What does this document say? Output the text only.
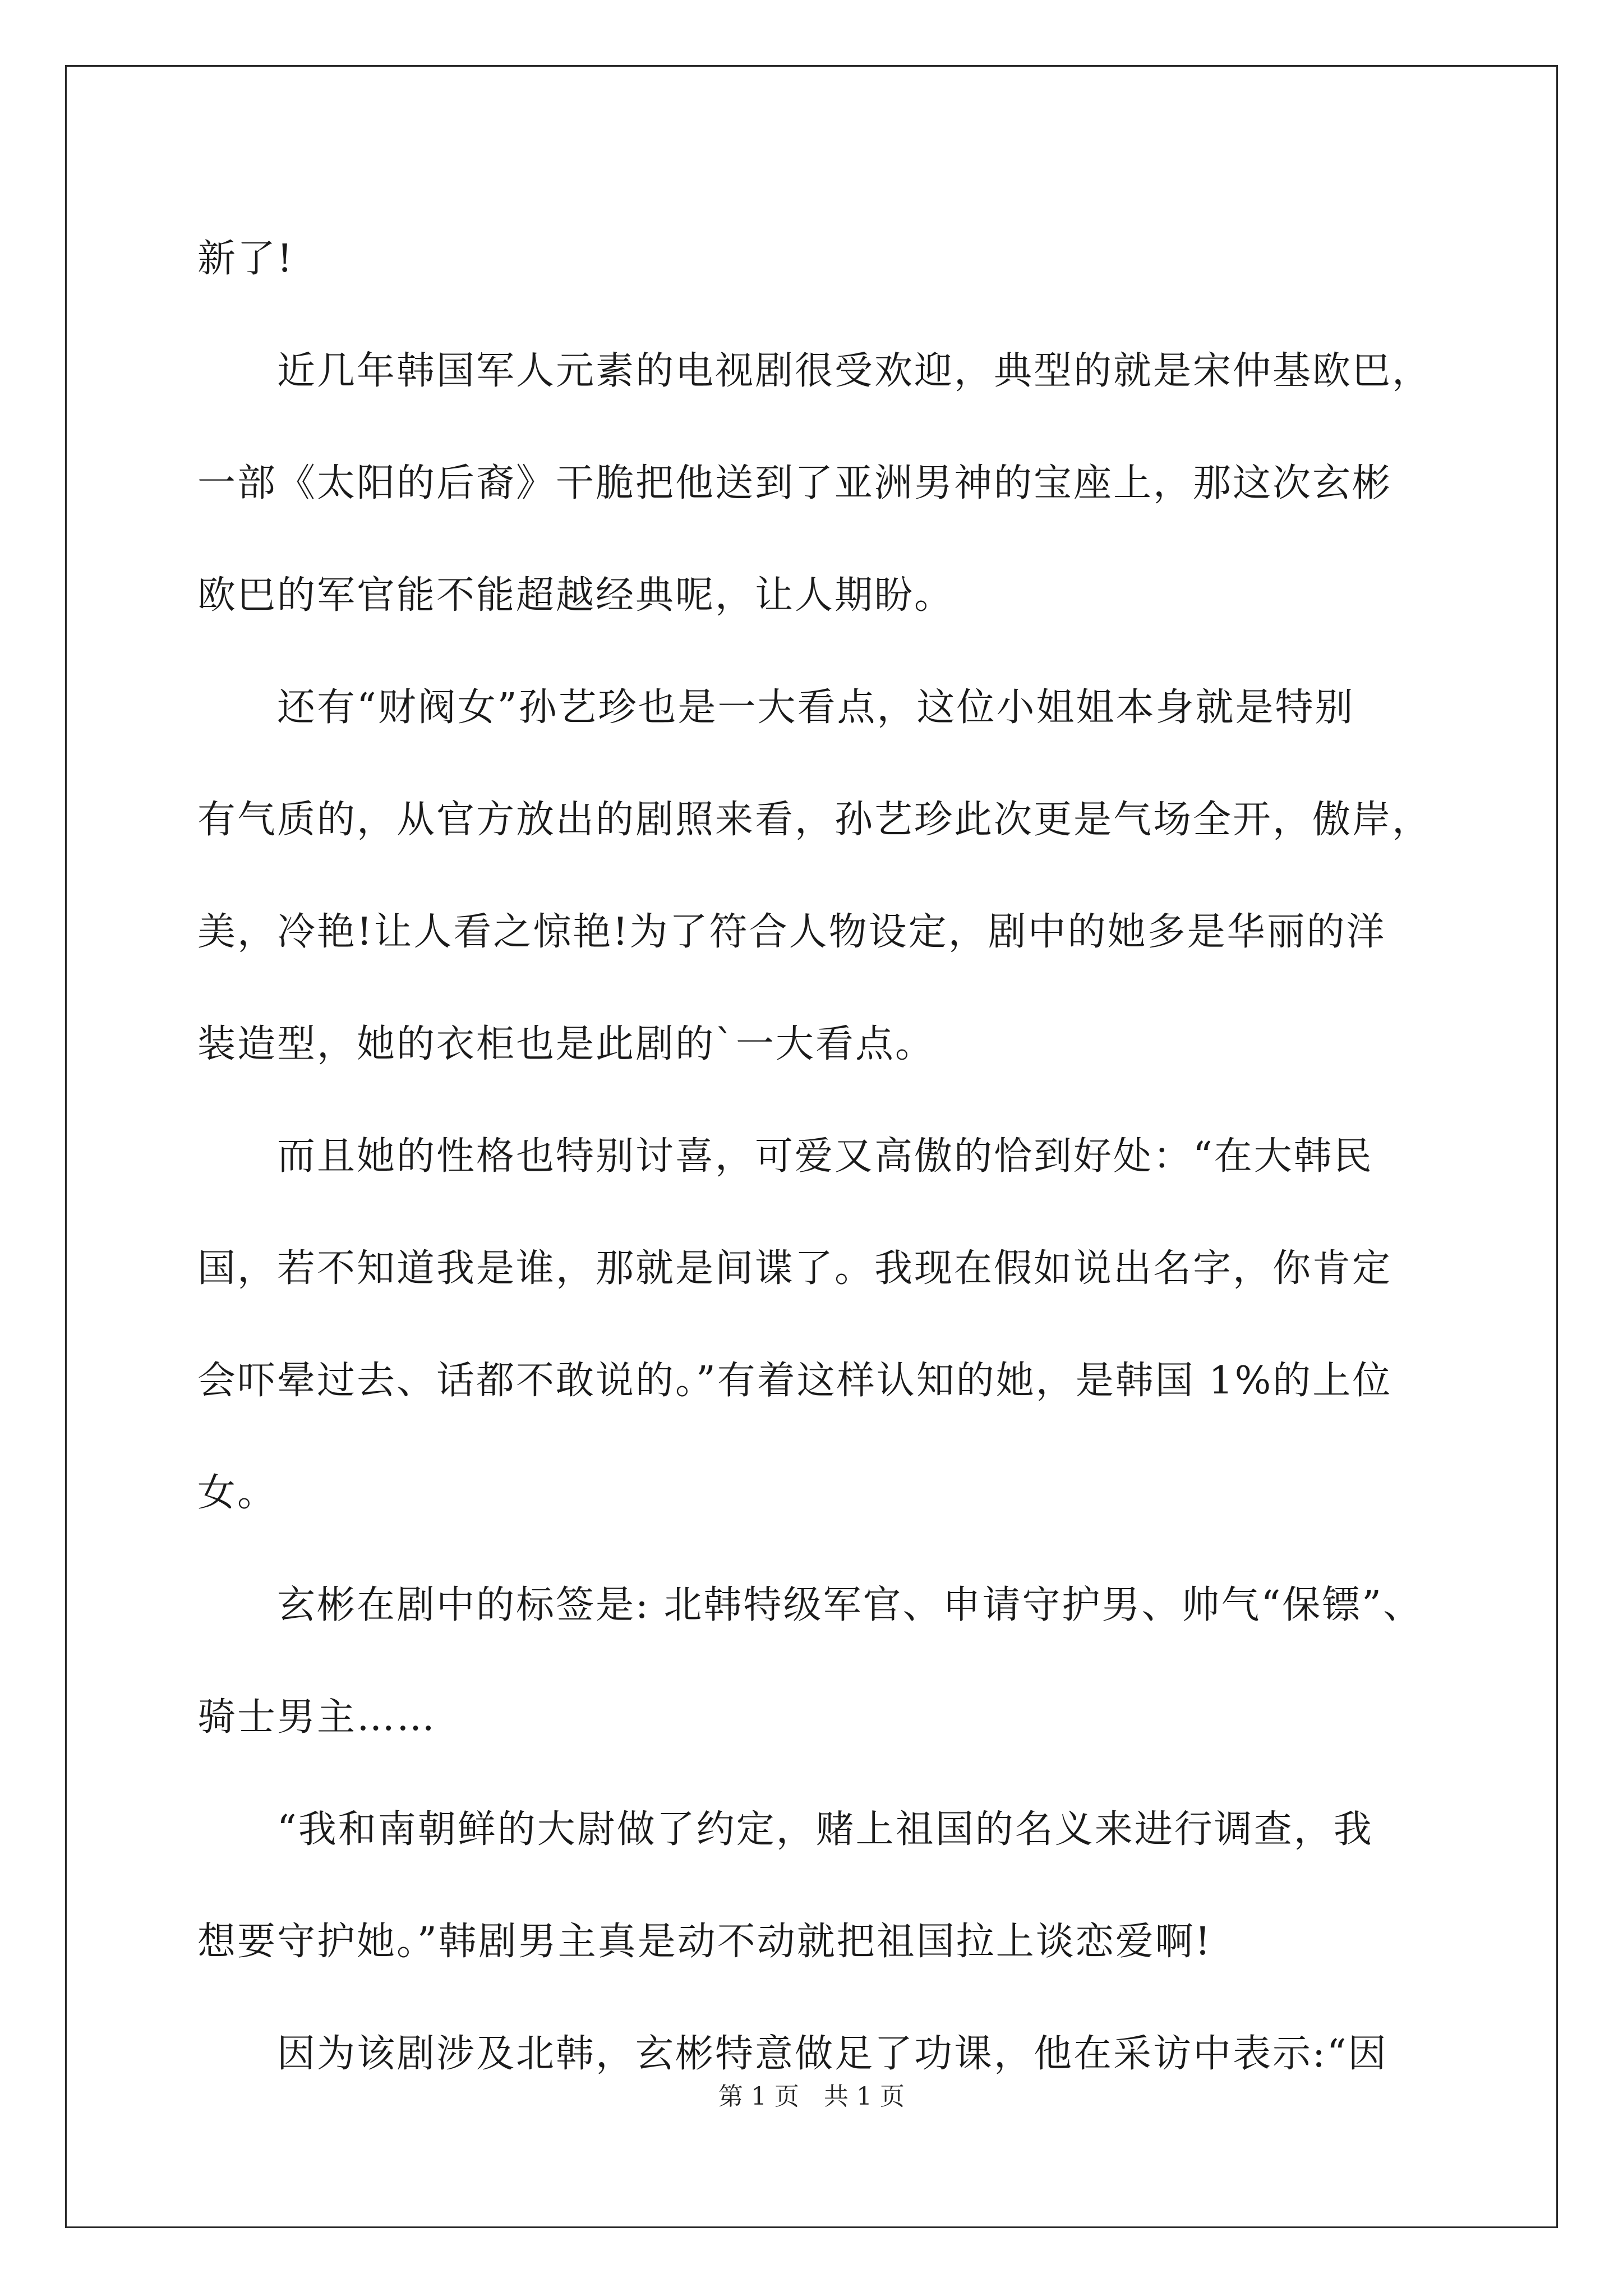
新了!
　　近几年韩国军人元素的电视剧很受欢迎，典型的就是宋仲基欧巴，
一部《太阳的后裔》干脆把他送到了亚洲男神的宝座上，那这次玄彬
欧巴的军官能不能超越经典呢，让人期盼。
　　还有“财阀女”孙艺珍也是一大看点，这位小姐姐本身就是特别
有气质的，从官方放出的剧照来看，孙艺珍此次更是气场全开，傲岸，
美，冷艳!让人看之惊艳!为了符合人物设定，剧中的她多是华丽的洋
装造型，她的衣柜也是此剧的`一大看点。
　　而且她的性格也特别讨喜，可爱又高傲的恰到好处：“在大韩民
国，若不知道我是谁，那就是间谍了。我现在假如说出名字，你肯定
会吓晕过去、话都不敢说的。”有着这样认知的她，是韩国 1%的上位
女。
　　玄彬在剧中的标签是: 北韩特级军官、申请守护男、帅气“保镖”、
骑士男主……
　　“我和南朝鲜的大尉做了约定，赌上祖国的名义来进行调查，我
想要守护她。”韩剧男主真是动不动就把祖国拉上谈恋爱啊!
　　因为该剧涉及北韩，玄彬特意做足了功课，他在采访中表示:“因
第 1 页　共 1 页
